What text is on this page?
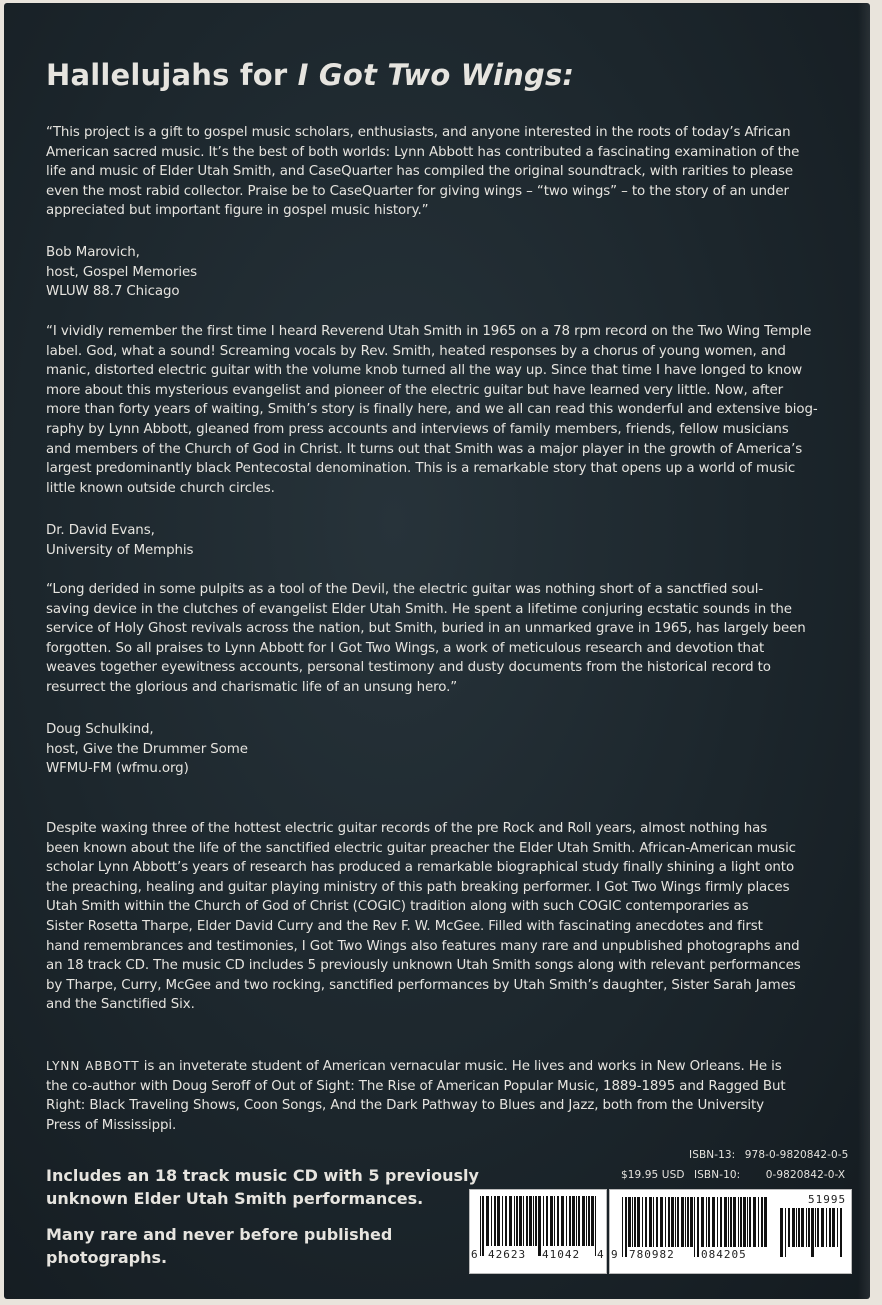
Hallelujahs for I Got Two Wings:
“This project is a gift to gospel music scholars, enthusiasts, and anyone interested in the roots of today’s African
American sacred music. It’s the best of both worlds: Lynn Abbott has contributed a fascinating examination of the
life and music of Elder Utah Smith, and CaseQuarter has compiled the original soundtrack, with rarities to please
even the most rabid collector. Praise be to CaseQuarter for giving wings – “two wings” – to the story of an under
appreciated but important figure in gospel music history.”
Bob Marovich,
host, Gospel Memories
WLUW 88.7 Chicago
“I vividly remember the first time I heard Reverend Utah Smith in 1965 on a 78 rpm record on the Two Wing Temple
label. God, what a sound! Screaming vocals by Rev. Smith, heated responses by a chorus of young women, and
manic, distorted electric guitar with the volume knob turned all the way up. Since that time I have longed to know
more about this mysterious evangelist and pioneer of the electric guitar but have learned very little. Now, after
more than forty years of waiting, Smith’s story is finally here, and we all can read this wonderful and extensive biog-
raphy by Lynn Abbott, gleaned from press accounts and interviews of family members, friends, fellow musicians
and members of the Church of God in Christ. It turns out that Smith was a major player in the growth of America’s
largest predominantly black Pentecostal denomination. This is a remarkable story that opens up a world of music
little known outside church circles.
Dr. David Evans,
University of Memphis
“Long derided in some pulpits as a tool of the Devil, the electric guitar was nothing short of a sanctfied soul-
saving device in the clutches of evangelist Elder Utah Smith. He spent a lifetime conjuring ecstatic sounds in the
service of Holy Ghost revivals across the nation, but Smith, buried in an unmarked grave in 1965, has largely been
forgotten. So all praises to Lynn Abbott for I Got Two Wings, a work of meticulous research and devotion that
weaves together eyewitness accounts, personal testimony and dusty documents from the historical record to
resurrect the glorious and charismatic life of an unsung hero.”
Doug Schulkind,
host, Give the Drummer Some
WFMU-FM (wfmu.org)
Despite waxing three of the hottest electric guitar records of the pre Rock and Roll years, almost nothing has
been known about the life of the sanctified electric guitar preacher the Elder Utah Smith. African-American music
scholar Lynn Abbott’s years of research has produced a remarkable biographical study finally shining a light onto
the preaching, healing and guitar playing ministry of this path breaking performer. I Got Two Wings firmly places
Utah Smith within the Church of God of Christ (COGIC) tradition along with such COGIC contemporaries as
Sister Rosetta Tharpe, Elder David Curry and the Rev F. W. McGee. Filled with fascinating anecdotes and first
hand remembrances and testimonies, I Got Two Wings also features many rare and unpublished photographs and
an 18 track CD. The music CD includes 5 previously unknown Utah Smith songs along with relevant performances
by Tharpe, Curry, McGee and two rocking, sanctified performances by Utah Smith’s daughter, Sister Sarah James
and the Sanctified Six.
LYNN ABBOTT is an inveterate student of American vernacular music. He lives and works in New Orleans. He is
the co-author with Doug Seroff of Out of Sight: The Rise of American Popular Music, 1889-1895 and Ragged But
Right: Black Traveling Shows, Coon Songs, And the Dark Pathway to Blues and Jazz, both from the University
Press of Mississippi.
Includes an 18 track music CD with 5 previously
unknown Elder Utah Smith performances.
Many rare and never before published
photographs.
ISBN-13: 978-0-9820842-0-5
$19.95 USD ISBN-10: 0-9820842-0-X
6 42623 41042 4
51995
9 780982 084205
